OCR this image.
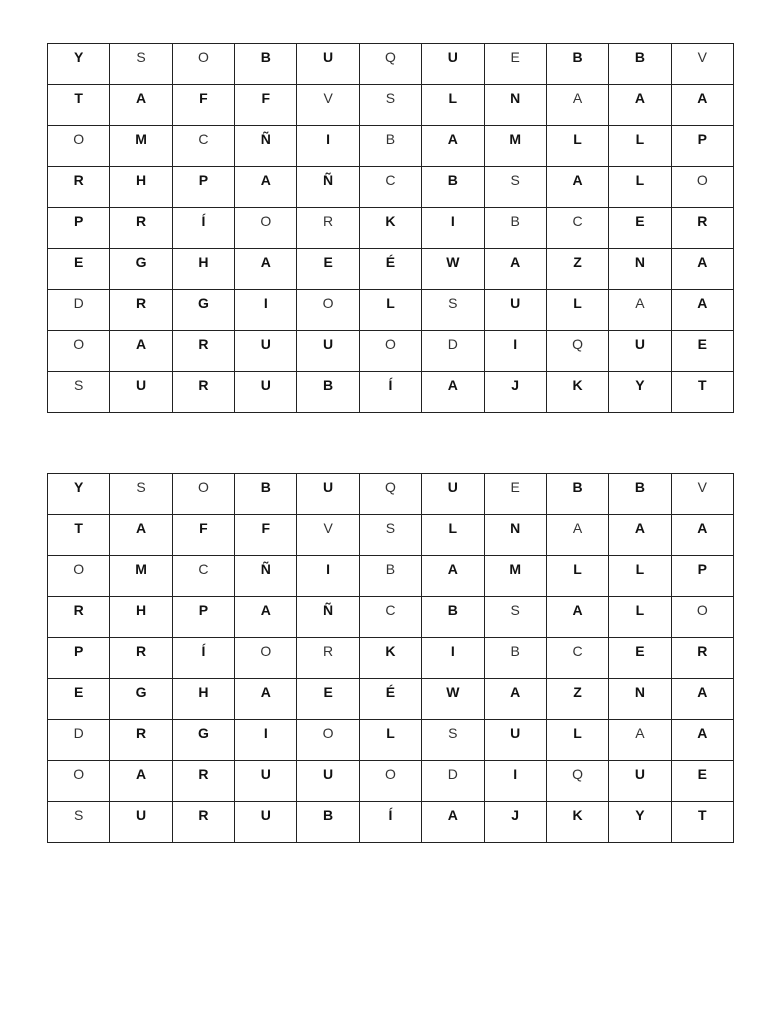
Y	S	O	B	U	Q	U	E	B	B	V
T	A	F	F	V	S	L	N	A	A	A
O	M	C	Ñ	I	B	A	M	L	L	P
R	H	P	A	Ñ	C	B	S	A	L	O
P	R	Í	O	R	K	I	B	C	E	R
E	G	H	A	E	É	W	A	Z	N	A
D	R	G	I	O	L	S	U	L	A	A
O	A	R	U	U	O	D	I	Q	U	E
S	U	R	U	B	Í	A	J	K	Y	T
Y	S	O	B	U	Q	U	E	B	B	V
T	A	F	F	V	S	L	N	A	A	A
O	M	C	Ñ	I	B	A	M	L	L	P
R	H	P	A	Ñ	C	B	S	A	L	O
P	R	Í	O	R	K	I	B	C	E	R
E	G	H	A	E	É	W	A	Z	N	A
D	R	G	I	O	L	S	U	L	A	A
O	A	R	U	U	O	D	I	Q	U	E
S	U	R	U	B	Í	A	J	K	Y	T
